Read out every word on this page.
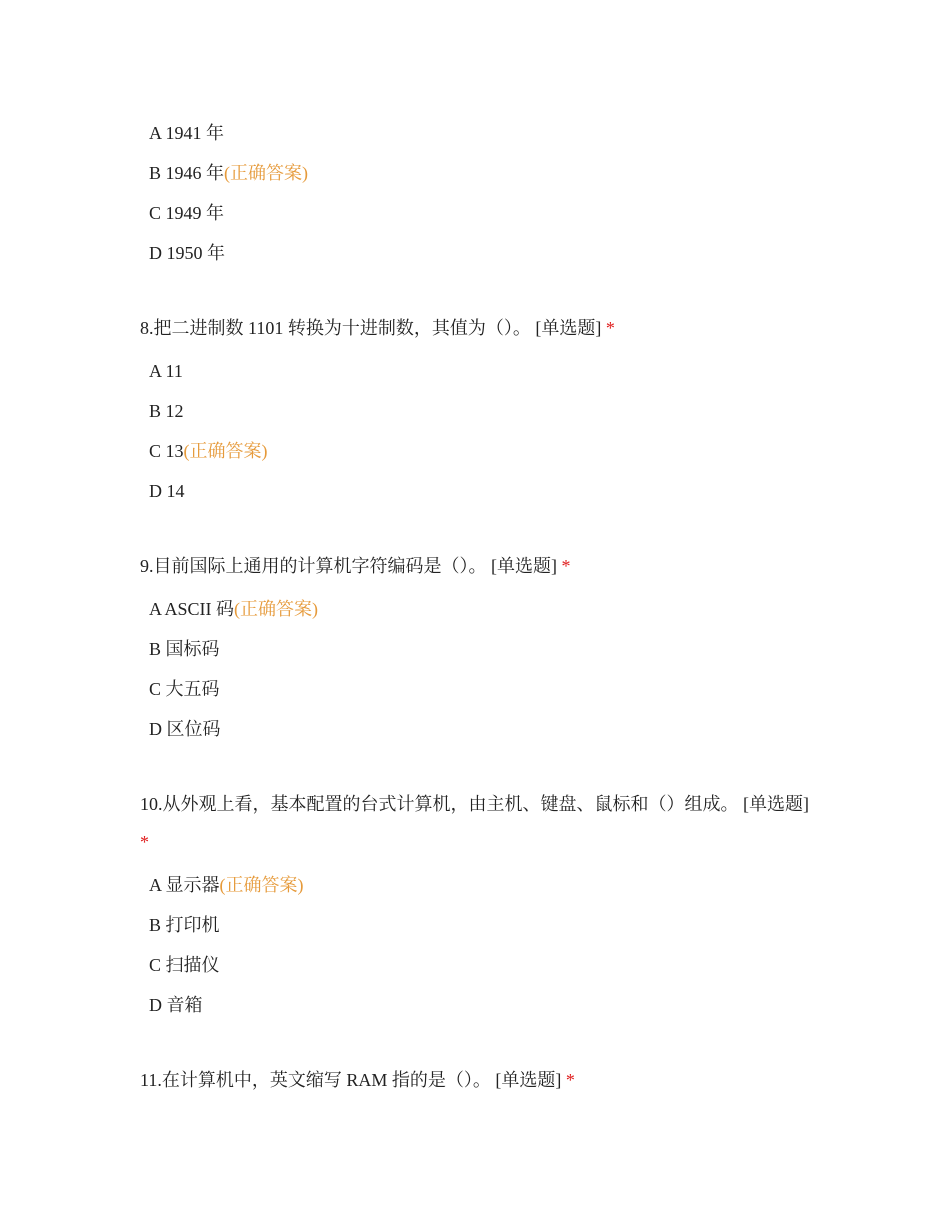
A 1941 年
B 1946 年(正确答案)
C 1949 年
D 1950 年
8.把二进制数 1101 转换为十进制数，其值为（）。 [单选题] *
A 11
B 12
C 13(正确答案)
D 14
9.目前国际上通用的计算机字符编码是（）。 [单选题] *
A ASCII 码(正确答案)
B 国标码
C 大五码
D 区位码
10.从外观上看，基本配置的台式计算机，由主机、键盘、鼠标和（）组成。 [单选题] *
A 显示器(正确答案)
B 打印机
C 扫描仪
D 音箱
11.在计算机中，英文缩写 RAM 指的是（）。 [单选题] *
